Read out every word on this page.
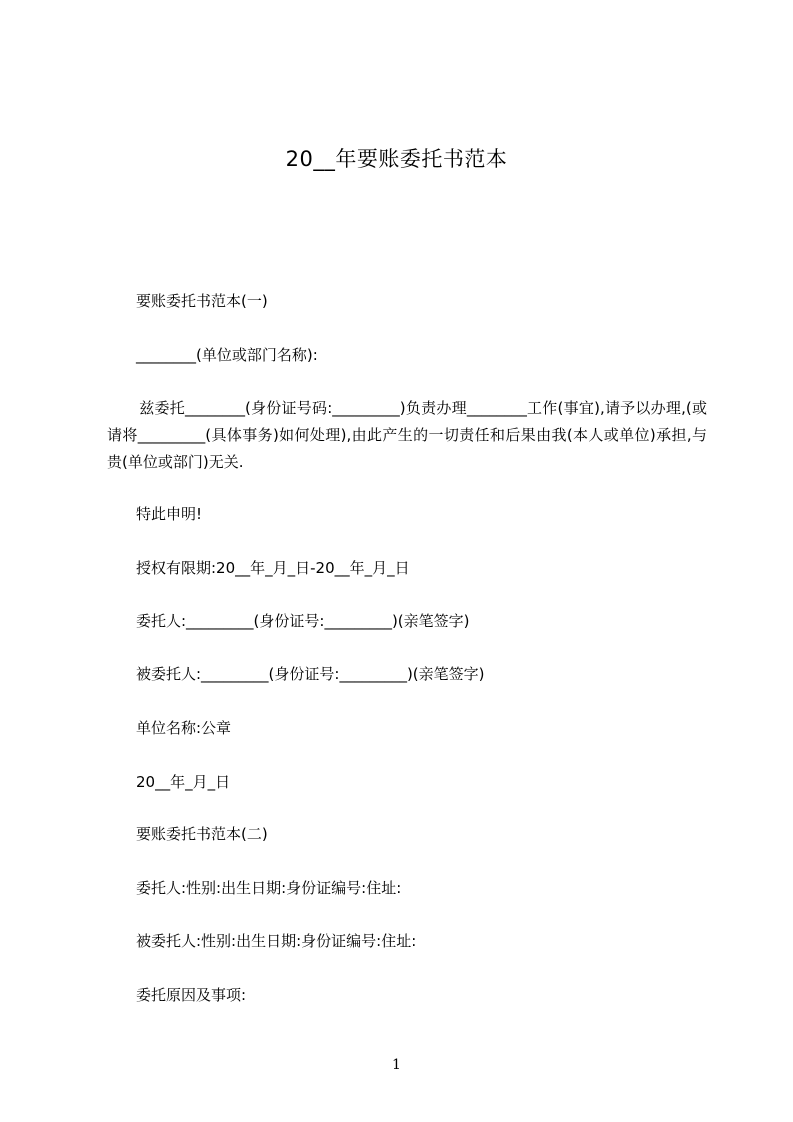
20__年要账委托书范本
要账委托书范本(一)
________(单位或部门名称):
兹委托________(身份证号码:_________)负责办理________工作(事宜),请予以办理,(或请将_________(具体事务)如何处理),由此产生的一切责任和后果由我(本人或单位)承担,与贵(单位或部门)无关.
特此申明!
授权有限期:20__年_月_日-20__年_月_日
委托人:_________(身份证号:_________)(亲笔签字)
被委托人:_________(身份证号:_________)(亲笔签字)
单位名称:公章
20__年_月_日
要账委托书范本(二)
委托人:性别:出生日期:身份证编号:住址:
被委托人:性别:出生日期:身份证编号:住址:
委托原因及事项:
1
